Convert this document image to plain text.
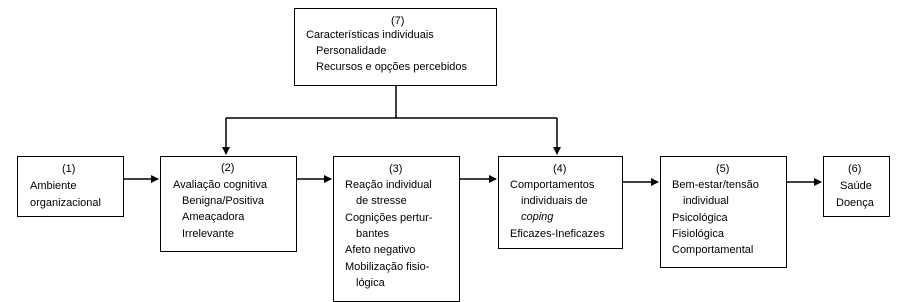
(7)
Características individuais
Personalidade
Recursos e opções percebidos
(1)
Ambiente
organizacional
(2)
Avaliação cognitiva
Benigna/Positiva
Ameaçadora
Irrelevante
(3)
Reação individual
de stresse
Cognições pertur-
bantes
Afeto negativo
Mobilização fisio-
lógica
(4)
Comportamentos
individuais de
coping
Eficazes-Ineficazes
(5)
Bem-estar/tensão
individual
Psicológica
Fisiológica
Comportamental
(6)
Saúde
Doença
